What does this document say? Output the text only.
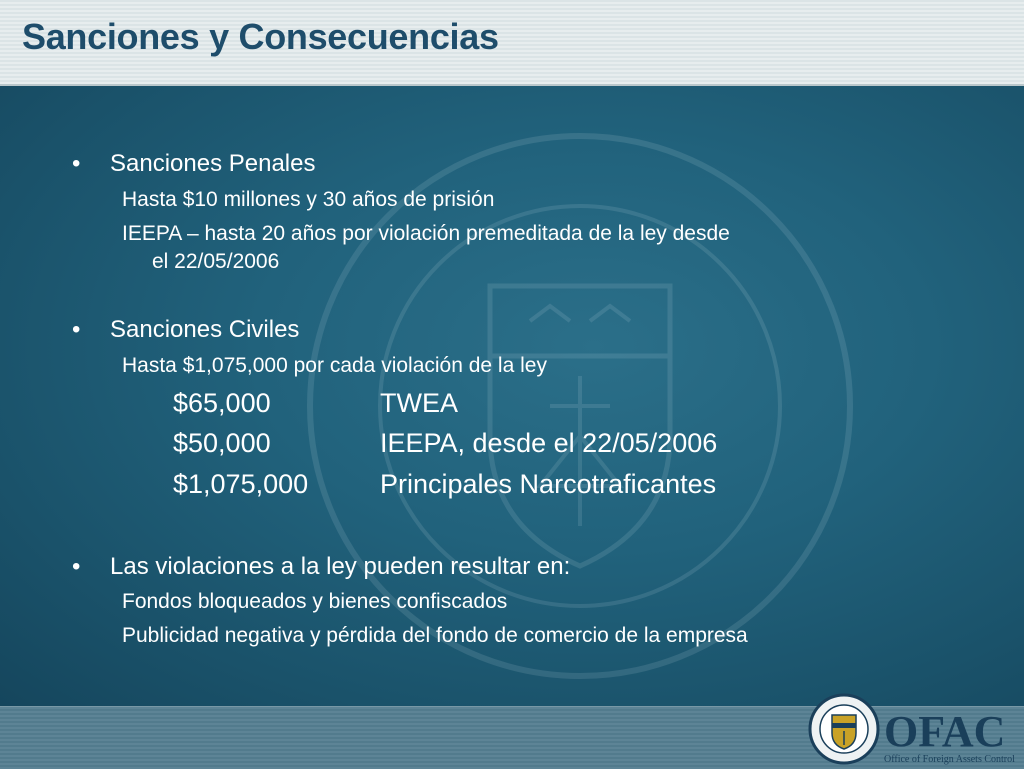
Sanciones y Consecuencias
• Sanciones Penales
Hasta $10 millones y 30 años de prisión
IEEPA – hasta 20 años por violación premeditada de la ley desde
el 22/05/2006
• Sanciones Civiles
Hasta $1,075,000 por cada violación de la ley
$65,000	TWEA
$50,000	IEEPA, desde el 22/05/2006
$1,075,000	Principales Narcotraficantes
• Las violaciones a la ley pueden resultar en:
Fondos bloqueados y bienes confiscados
Publicidad negativa y pérdida del fondo de comercio de la empresa
OFAC
Office of Foreign Assets Control
